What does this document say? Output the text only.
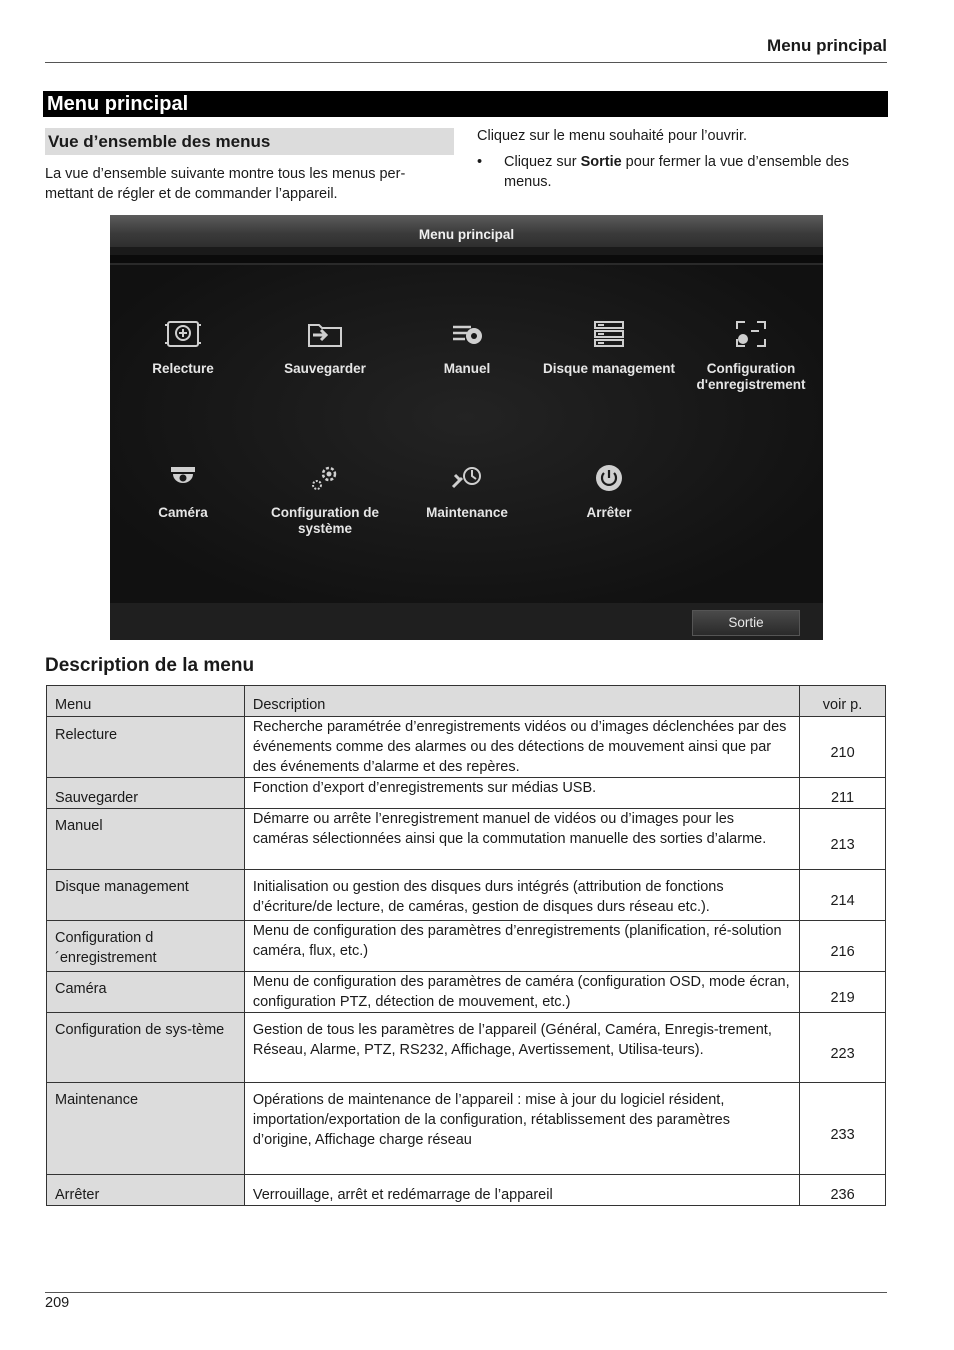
Menu principal
Menu principal
Vue d’ensemble des menus
La vue d’ensemble suivante montre tous les menus per-
mettant de régler et de commander l’appareil.
Cliquez sur le menu souhaité pour l’ouvrir.
•	Cliquez sur Sortie pour fermer la vue d’ensemble des menus.
Menu principal
Relecture	Sauvegarder	Manuel	Disque management	Configuration d'enregistrement
Caméra	Configuration de système
Maintenance	Arrêter
Sortie
Description de la menu
Menu	Description	voir p.
Relecture	Recherche paramétrée d’enregistrements vidéos ou d’images déclenchées par des événements comme des alarmes ou des détections de mouvement ainsi que par des événements d’alarme et des repères.	210
Sauvegarder	Fonction d’export d’enregistrements sur médias USB.	211
Manuel	Démarre ou arrête l’enregistrement manuel de vidéos ou d’images pour les caméras sélectionnées ainsi que la commutation manuelle des sorties d’alarme.	213
Disque management	Initialisation ou gestion des disques durs intégrés (attribution de fonctions d’écriture/de lecture, de caméras, gestion de disques durs réseau etc.).	214
Configuration d´enregistrement	Menu de configuration des paramètres d’enregistrements (planification, ré-solution caméra, flux, etc.)	216
Caméra	Menu de configuration des paramètres de caméra (configuration OSD, mode écran, configuration PTZ, détection de mouvement, etc.)	219
Configuration de sys-tème	Gestion de tous les paramètres de l’appareil (Général, Caméra, Enregis-trement, Réseau, Alarme, PTZ, RS232, Affichage, Avertissement, Utilisa-teurs).	223
Maintenance	Opérations de maintenance de l’appareil : mise à jour du logiciel résident, importation/exportation de la configuration, rétablissement des paramètres d’origine, Affichage charge réseau	233
Arrêter	Verrouillage, arrêt et redémarrage de l’appareil	236
209
